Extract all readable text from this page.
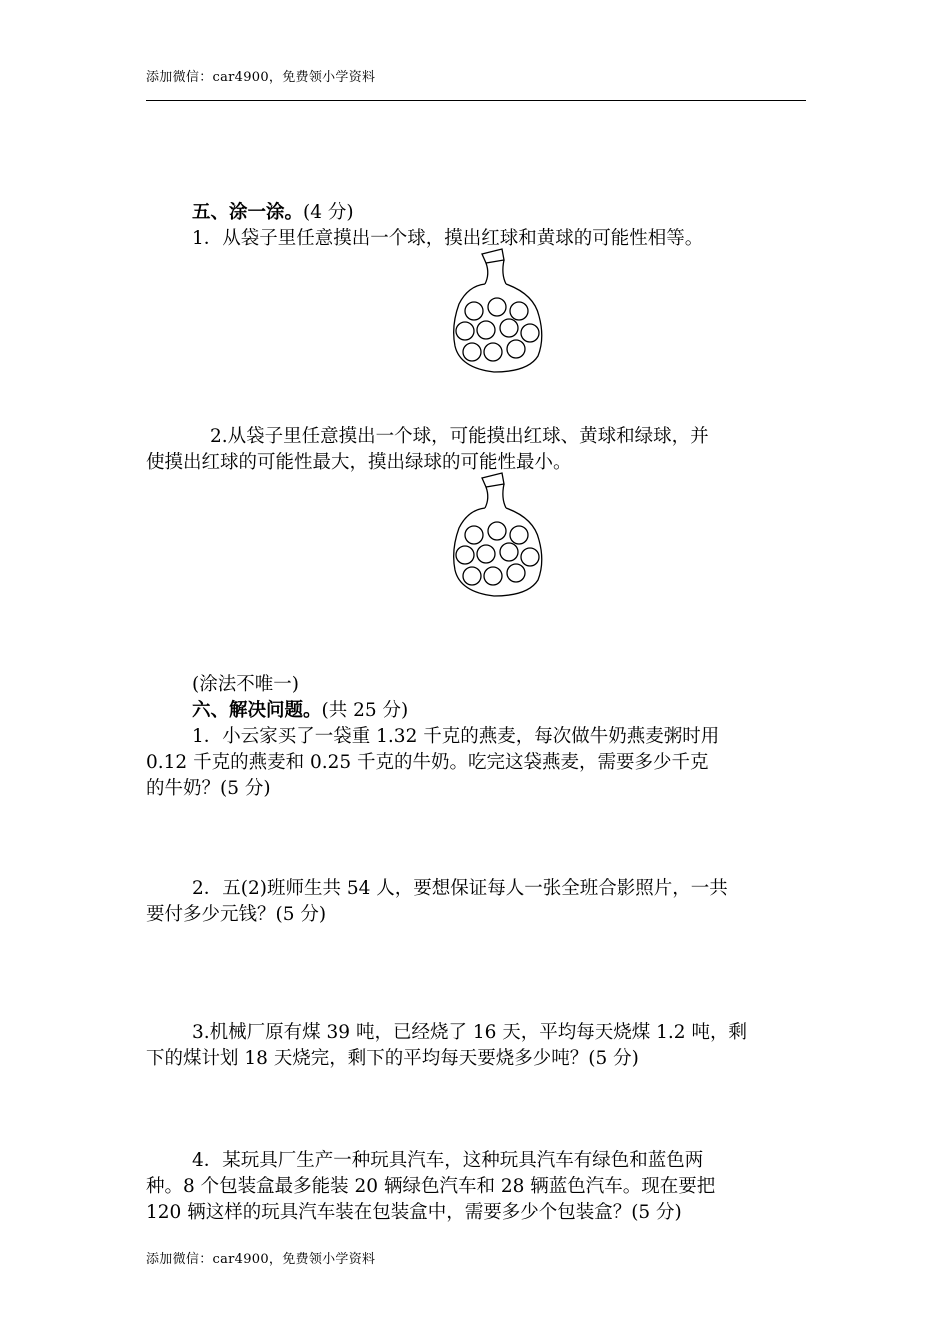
添加微信：car4900，免费领小学资料
五、涂一涂。(4 分)
1．从袋子里任意摸出一个球，摸出红球和黄球的可能性相等。
2.从袋子里任意摸出一个球，可能摸出红球、黄球和绿球，并
使摸出红球的可能性最大，摸出绿球的可能性最小。
(涂法不唯一)
六、解决问题。(共 25 分)
1．小云家买了一袋重 1.32 千克的燕麦，每次做牛奶燕麦粥时用
0.12 千克的燕麦和 0.25 千克的牛奶。吃完这袋燕麦，需要多少千克
的牛奶？(5 分)
2．五(2)班师生共 54 人，要想保证每人一张全班合影照片，一共
要付多少元钱？(5 分)
3.机械厂原有煤 39 吨，已经烧了 16 天，平均每天烧煤 1.2 吨，剩
下的煤计划 18 天烧完，剩下的平均每天要烧多少吨？(5 分)
4．某玩具厂生产一种玩具汽车，这种玩具汽车有绿色和蓝色两
种。8 个包装盒最多能装 20 辆绿色汽车和 28 辆蓝色汽车。现在要把
120 辆这样的玩具汽车装在包装盒中，需要多少个包装盒？(5 分)
添加微信：car4900，免费领小学资料
